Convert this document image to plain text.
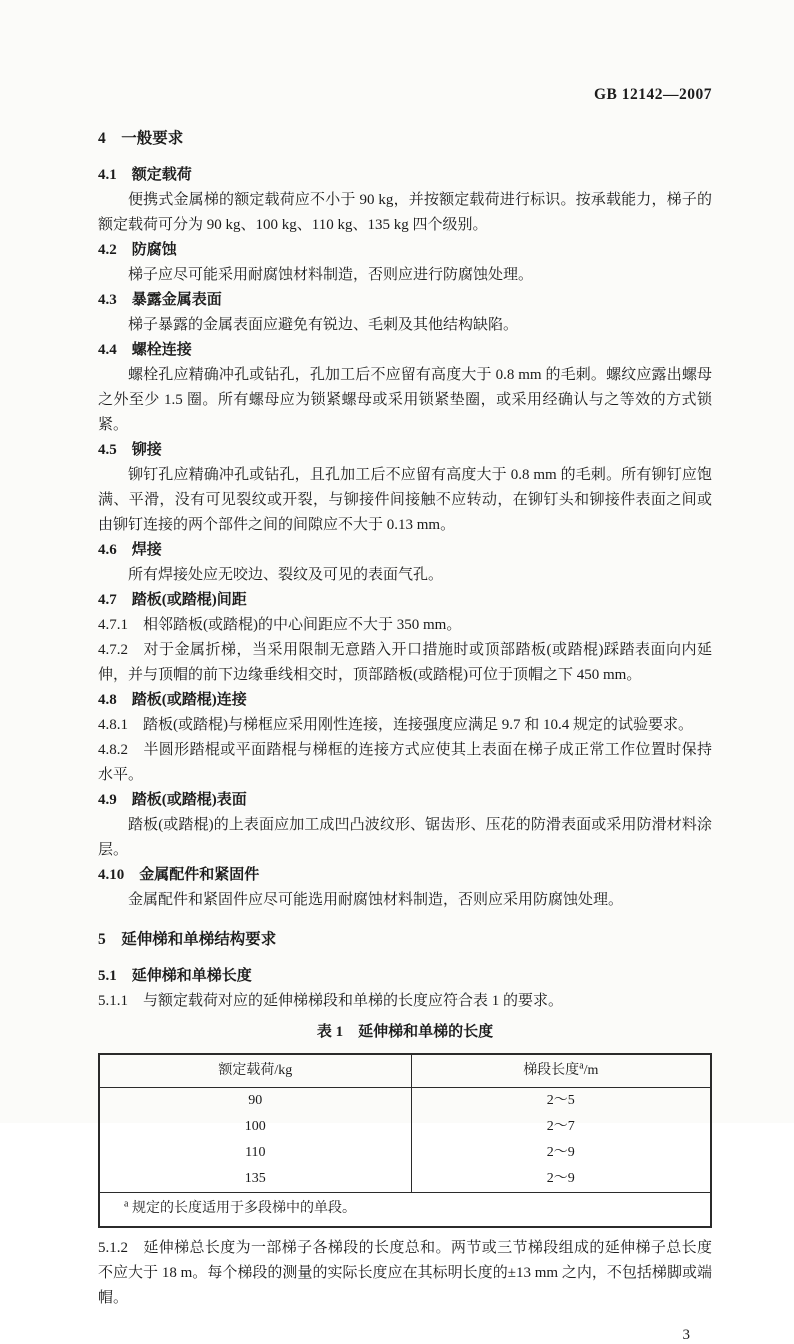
GB 12142—2007
4 一般要求
4.1 额定载荷

便携式金属梯的额定载荷应不小于 90 kg，并按额定载荷进行标识。按承载能力，梯子的额定载荷可分为 90 kg、100 kg、110 kg、135 kg 四个级别。

4.2 防腐蚀

梯子应尽可能采用耐腐蚀材料制造，否则应进行防腐蚀处理。

4.3 暴露金属表面

梯子暴露的金属表面应避免有锐边、毛刺及其他结构缺陷。

4.4 螺栓连接

螺栓孔应精确冲孔或钻孔，孔加工后不应留有高度大于 0.8 mm 的毛刺。螺纹应露出螺母之外至少 1.5 圈。所有螺母应为锁紧螺母或采用锁紧垫圈，或采用经确认与之等效的方式锁紧。

4.5 铆接

铆钉孔应精确冲孔或钻孔，且孔加工后不应留有高度大于 0.8 mm 的毛刺。所有铆钉应饱满、平滑，没有可见裂纹或开裂，与铆接件间接触不应转动，在铆钉头和铆接件表面之间或由铆钉连接的两个部件之间的间隙应不大于 0.13 mm。

4.6 焊接

所有焊接处应无咬边、裂纹及可见的表面气孔。

4.7 踏板(或踏棍)间距

4.7.1 相邻踏板(或踏棍)的中心间距应不大于 350 mm。

4.7.2 对于金属折梯，当采用限制无意踏入开口措施时或顶部踏板(或踏棍)踩踏表面向内延伸，并与顶帽的前下边缘垂线相交时，顶部踏板(或踏棍)可位于顶帽之下 450 mm。

4.8 踏板(或踏棍)连接

4.8.1 踏板(或踏棍)与梯框应采用刚性连接，连接强度应满足 9.7 和 10.4 规定的试验要求。

4.8.2 半圆形踏棍或平面踏棍与梯框的连接方式应使其上表面在梯子成正常工作位置时保持水平。

4.9 踏板(或踏棍)表面

踏板(或踏棍)的上表面应加工成凹凸波纹形、锯齿形、压花的防滑表面或采用防滑材料涂层。

4.10 金属配件和紧固件

金属配件和紧固件应尽可能选用耐腐蚀材料制造，否则应采用防腐蚀处理。

5 延伸梯和单梯结构要求
5.1 延伸梯和单梯长度

5.1.1 与额定载荷对应的延伸梯梯段和单梯的长度应符合表 1 的要求。

表 1 延伸梯和单梯的长度
额定载荷/kg	梯段长度$^a$/m
90	2～5
100	2～7
110	2～9
135	2～9
$^a$ 规定的长度适用于多段梯中的单段。	

5.1.2 延伸梯总长度为一部梯子各梯段的长度总和。两节或三节梯段组成的延伸梯子总长度不应大于 18 m。每个梯段的测量的实际长度应在其标明长度的±13 mm 之内，不包括梯脚或端帽。

3
